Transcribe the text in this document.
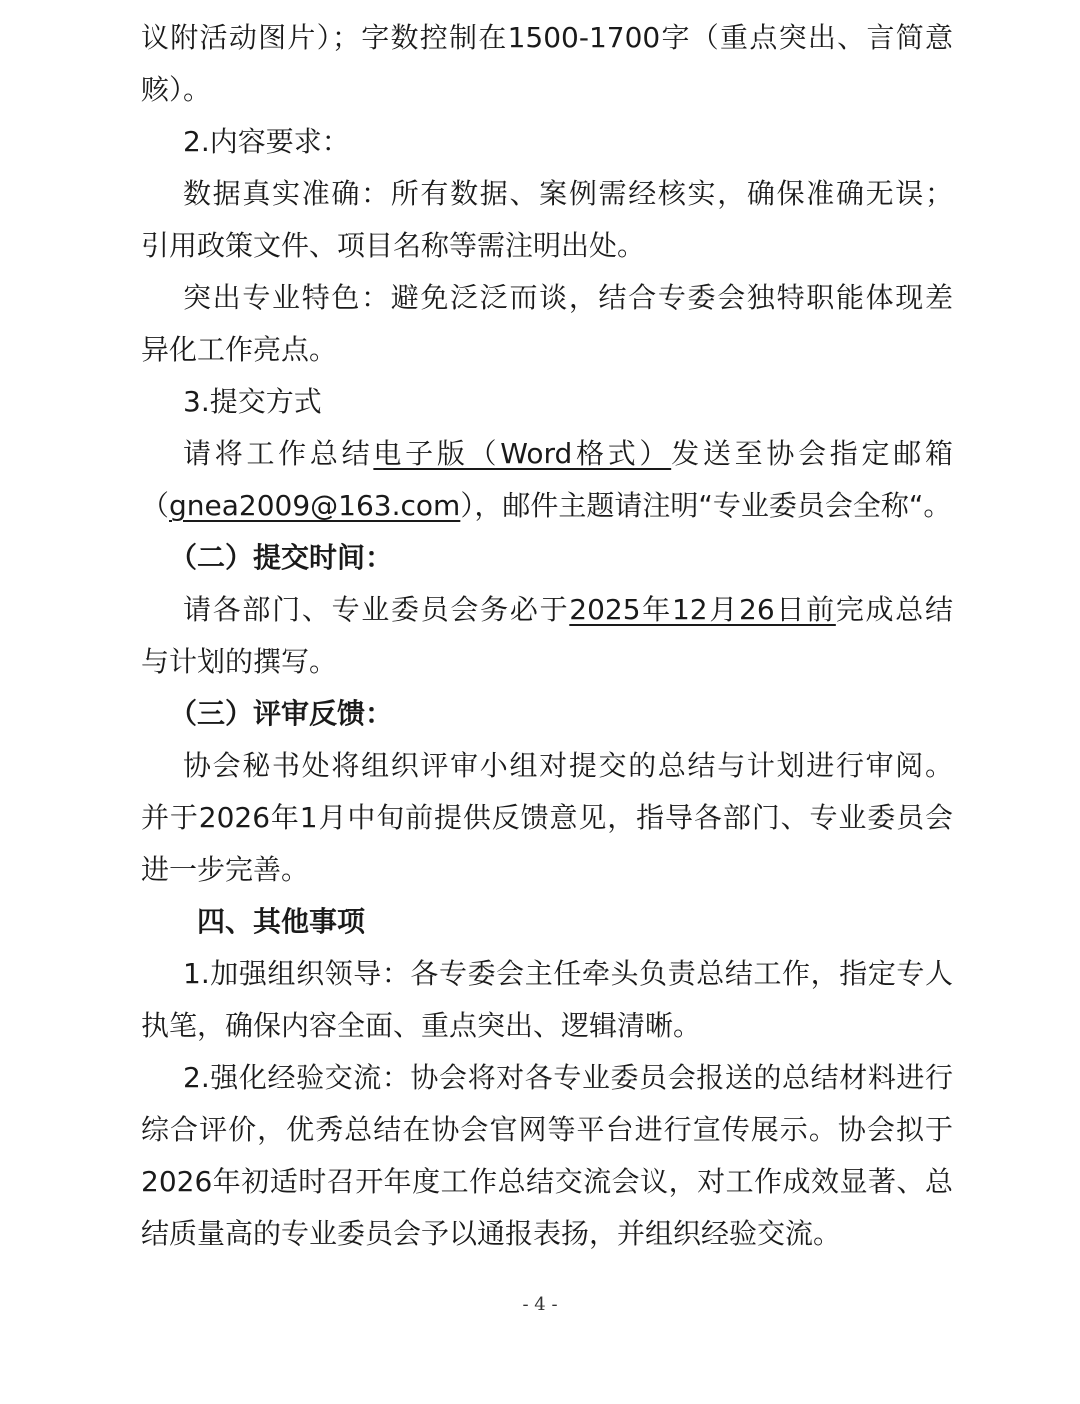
议附活动图片）；字数控制在1500-1700字（重点突出、言简意
赅）。
2.内容要求：
数据真实准确：所有数据、案例需经核实，确保准确无误；
引用政策文件、项目名称等需注明出处。
突出专业特色：避免泛泛而谈，结合专委会独特职能体现差
异化工作亮点。
3.提交方式
请将工作总结电子版（Word格式）发送至协会指定邮箱
（gnea2009@163.com），邮件主题请注明“专业委员会全称“。
（二）提交时间：
请各部门、专业委员会务必于2025年12月26日前完成总结
与计划的撰写。
（三）评审反馈：
协会秘书处将组织评审小组对提交的总结与计划进行审阅。
并于2026年1月中旬前提供反馈意见，指导各部门、专业委员会
进一步完善。
四、其他事项
1.加强组织领导：各专委会主任牵头负责总结工作，指定专人
执笔，确保内容全面、重点突出、逻辑清晰。
2.强化经验交流：协会将对各专业委员会报送的总结材料进行
综合评价，优秀总结在协会官网等平台进行宣传展示。协会拟于
2026年初适时召开年度工作总结交流会议，对工作成效显著、总
结质量高的专业委员会予以通报表扬，并组织经验交流。
- 4 -
